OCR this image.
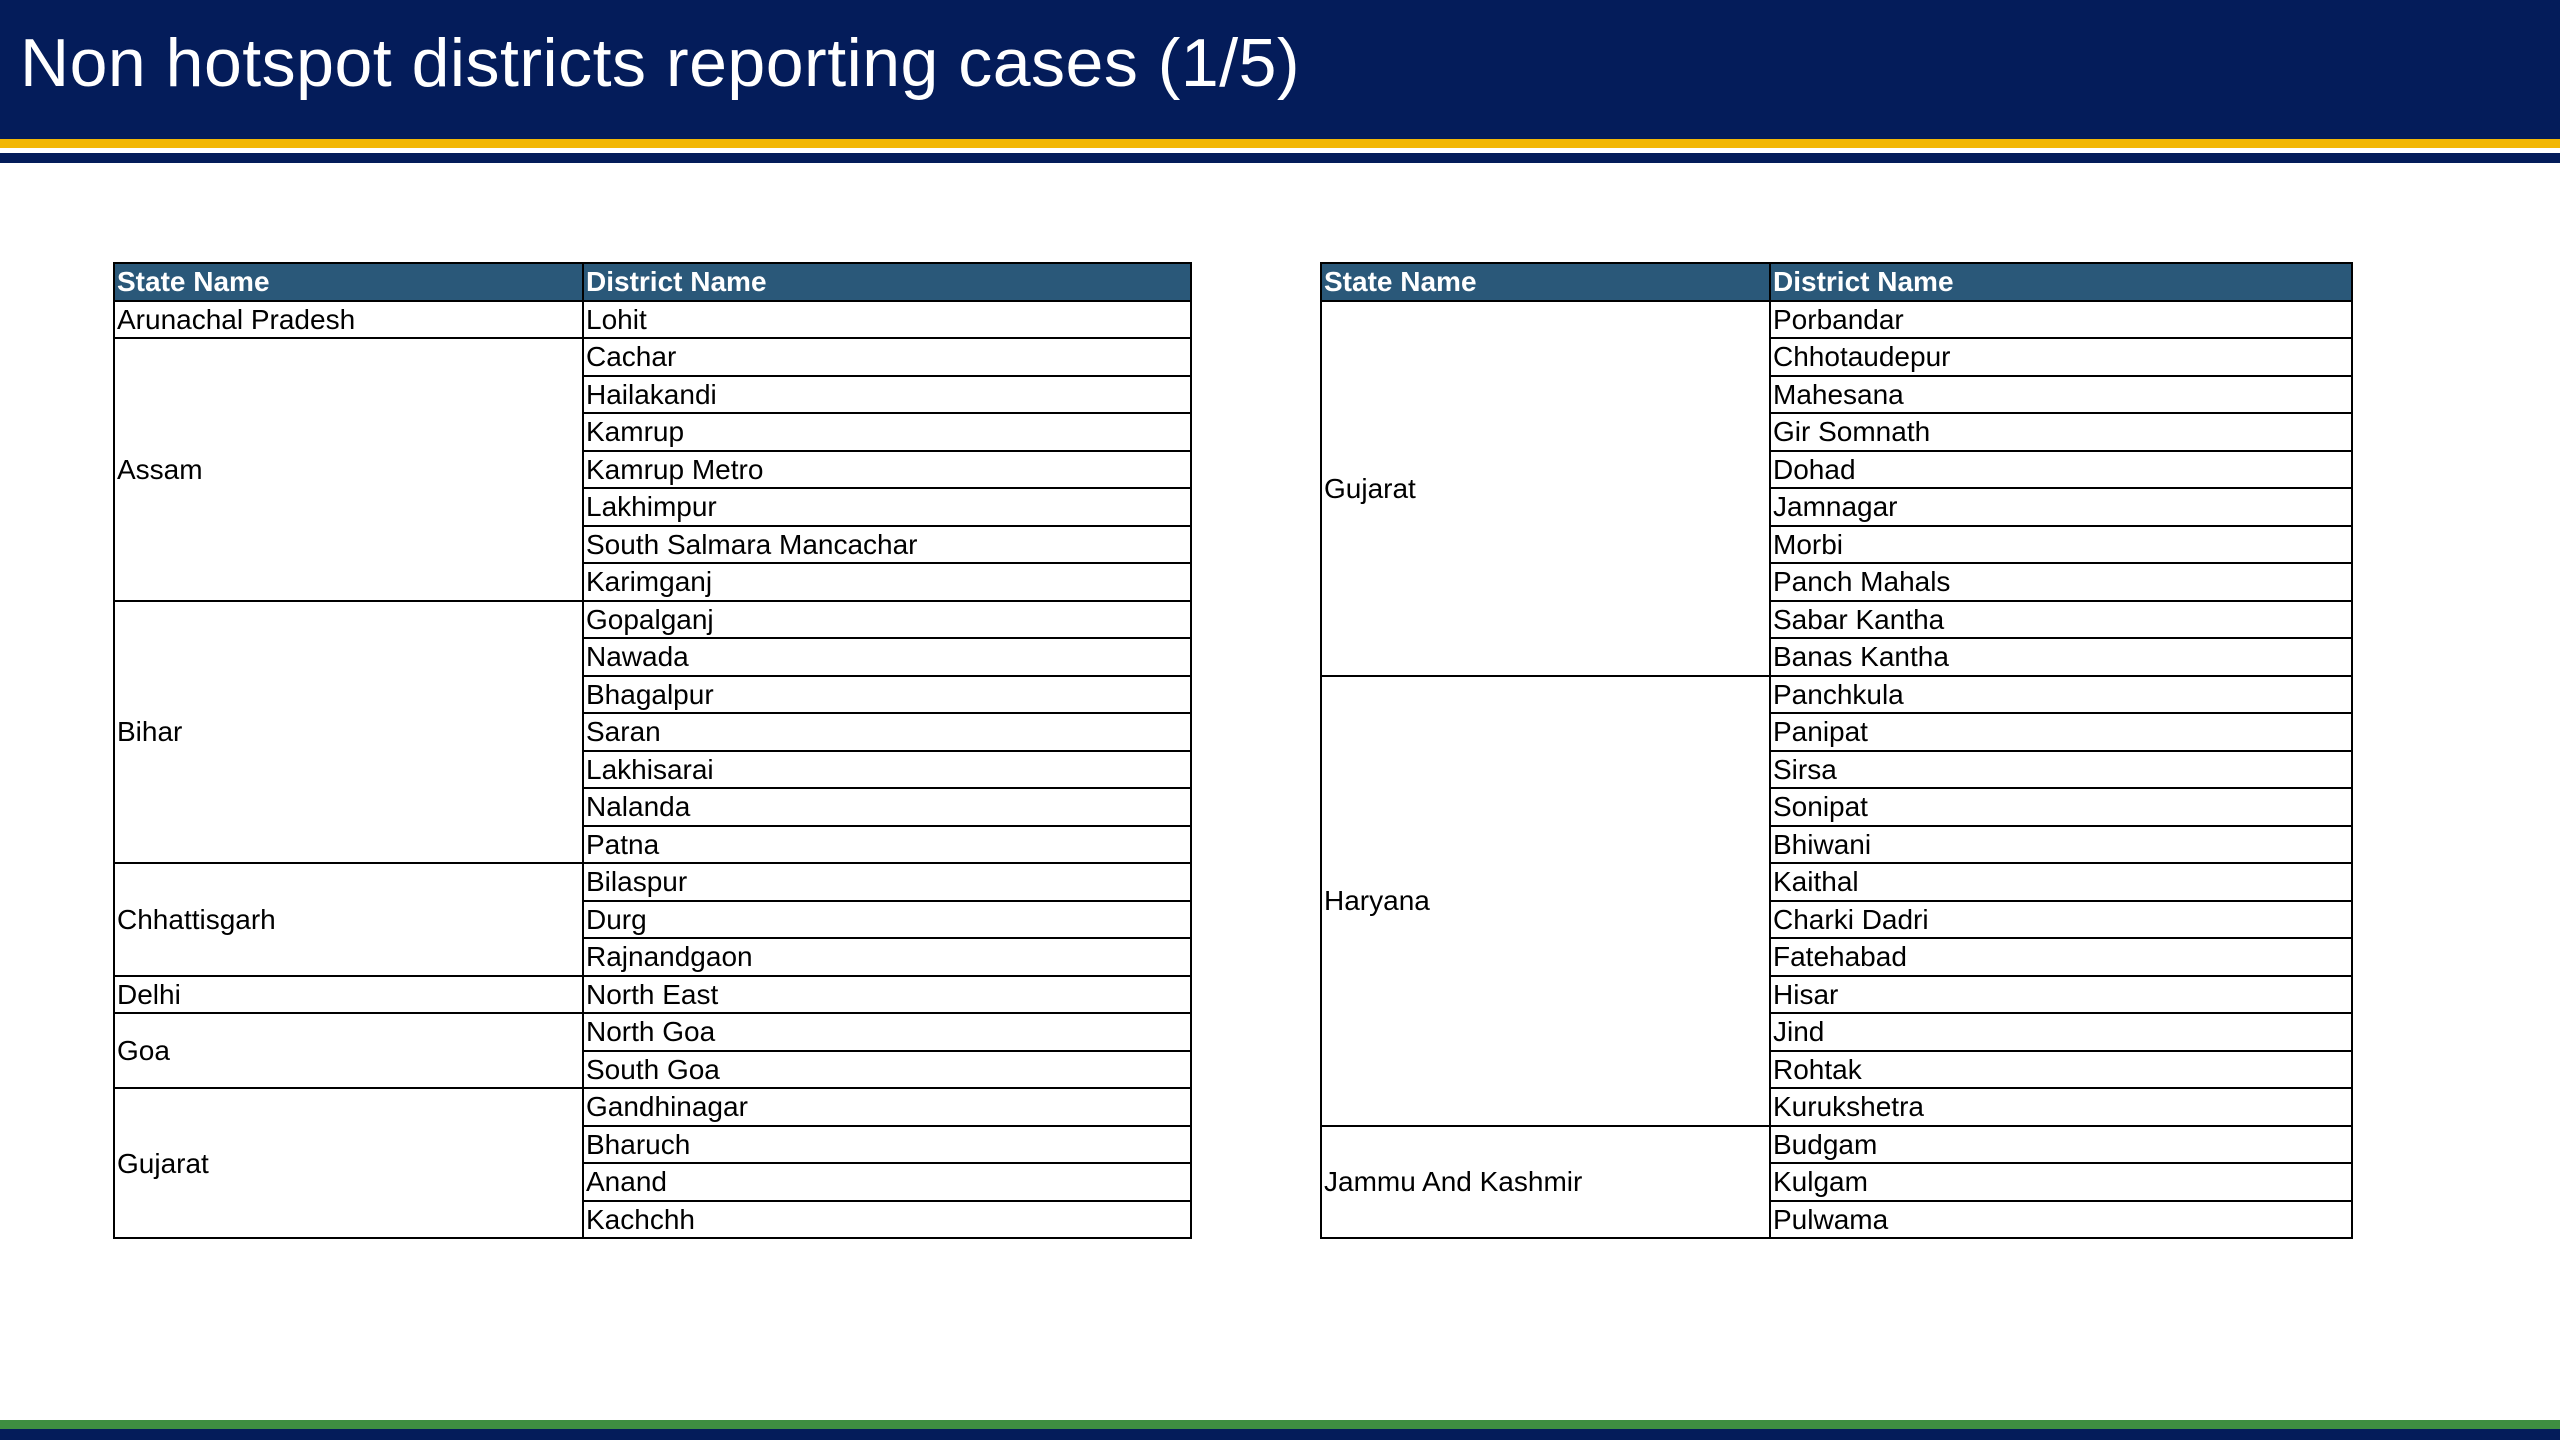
Non hotspot districts reporting cases (1/5)
State Name	District Name
Arunachal Pradesh	Lohit
Assam	Cachar
	Hailakandi
	Kamrup
	Kamrup Metro
	Lakhimpur
	South Salmara Mancachar
	Karimganj
Bihar	Gopalganj
	Nawada
	Bhagalpur
	Saran
	Lakhisarai
	Nalanda
	Patna
Chhattisgarh	Bilaspur
	Durg
	Rajnandgaon
Delhi	North East
Goa	North Goa
	South Goa
Gujarat	Gandhinagar
	Bharuch
	Anand
	Kachchh
State Name	District Name
Gujarat	Porbandar
	Chhotaudepur
	Mahesana
	Gir Somnath
	Dohad
	Jamnagar
	Morbi
	Panch Mahals
	Sabar Kantha
	Banas Kantha
Haryana	Panchkula
	Panipat
	Sirsa
	Sonipat
	Bhiwani
	Kaithal
	Charki Dadri
	Fatehabad
	Hisar
	Jind
	Rohtak
	Kurukshetra
Jammu And Kashmir	Budgam
	Kulgam
	Pulwama
